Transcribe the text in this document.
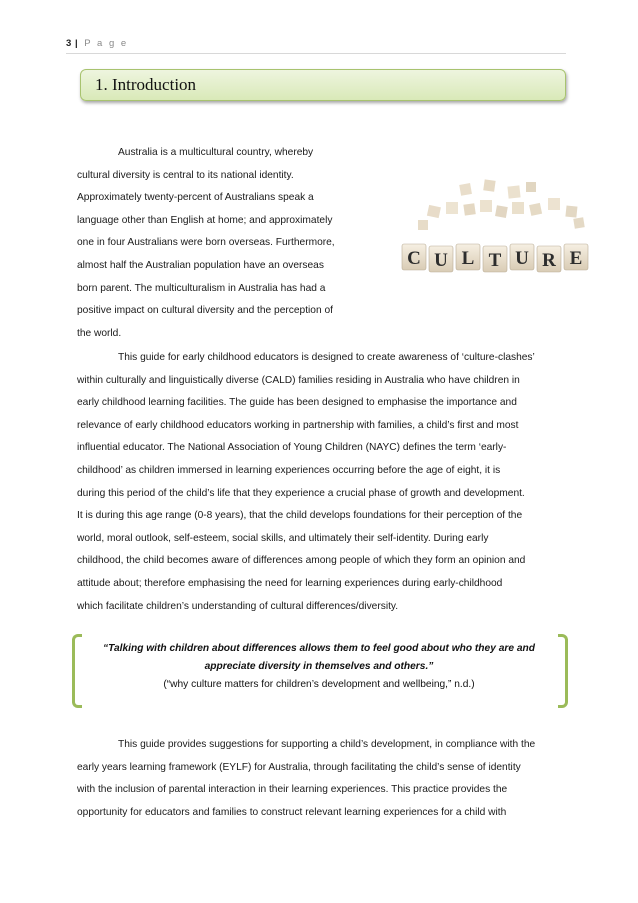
3 | P a g e
1. Introduction
Australia is a multicultural country, whereby
cultural diversity is central to its national identity.
Approximately twenty-percent of Australians speak a
language other than English at home; and approximately
one in four Australians were born overseas. Furthermore,
almost half the Australian population have an overseas
born parent. The multiculturalism in Australia has had a
positive impact on cultural diversity and the perception of
the world.
C U L T U R E
This guide for early childhood educators is designed to create awareness of ‘culture-clashes’
within culturally and linguistically diverse (CALD) families residing in Australia who have children in
early childhood learning facilities. The guide has been designed to emphasise the importance and
relevance of early childhood educators working in partnership with families, a child’s first and most
influential educator. The National Association of Young Children (NAYC) defines the term ‘early-
childhood’ as children immersed in learning experiences occurring before the age of eight, it is
during this period of the child’s life that they experience a crucial phase of growth and development.
It is during this age range (0-8 years), that the child develops foundations for their perception of the
world, moral outlook, self-esteem, social skills, and ultimately their self-identity. During early
childhood, the child becomes aware of differences among people of which they form an opinion and
attitude about; therefore emphasising the need for learning experiences during early-childhood
which facilitate children’s understanding of cultural differences/diversity.
“Talking with children about differences allows them to feel good about who they are and
appreciate diversity in themselves and others.”
(“why culture matters for children’s development and wellbeing,” n.d.)
This guide provides suggestions for supporting a child’s development, in compliance with the
early years learning framework (EYLF) for Australia, through facilitating the child’s sense of identity
with the inclusion of parental interaction in their learning experiences. This practice provides the
opportunity for educators and families to construct relevant learning experiences for a child with
